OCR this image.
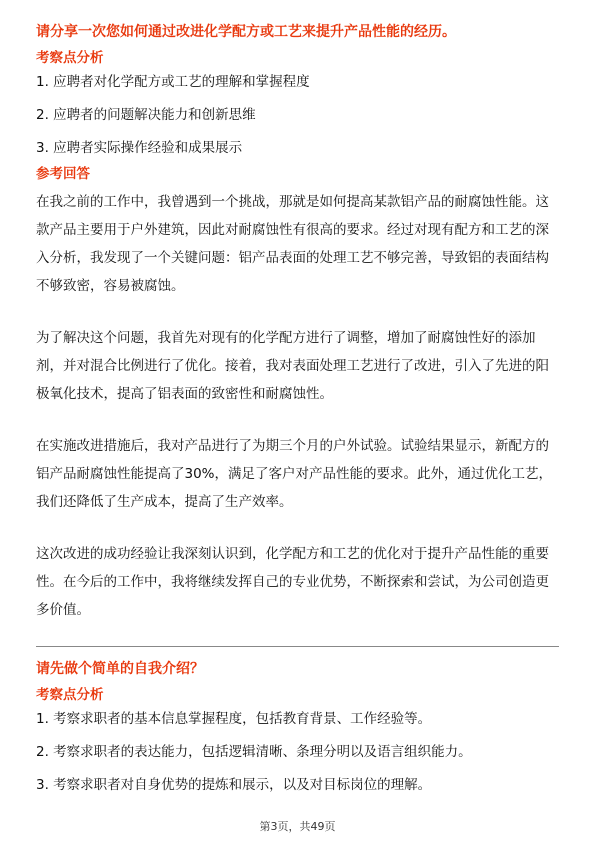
请分享一次您如何通过改进化学配方或工艺来提升产品性能的经历。
考察点分析
1. 应聘者对化学配方或工艺的理解和掌握程度
2. 应聘者的问题解决能力和创新思维
3. 应聘者实际操作经验和成果展示
参考回答

在我之前的工作中，我曾遇到一个挑战，那就是如何提高某款铝产品的耐腐蚀性能。这款产品主要用于户外建筑，因此对耐腐蚀性有很高的要求。经过对现有配方和工艺的深入分析，我发现了一个关键问题：铝产品表面的处理工艺不够完善，导致铝的表面结构不够致密，容易被腐蚀。

为了解决这个问题，我首先对现有的化学配方进行了调整，增加了耐腐蚀性好的添加剂，并对混合比例进行了优化。接着，我对表面处理工艺进行了改进，引入了先进的阳极氧化技术，提高了铝表面的致密性和耐腐蚀性。

在实施改进措施后，我对产品进行了为期三个月的户外试验。试验结果显示，新配方的铝产品耐腐蚀性能提高了30%，满足了客户对产品性能的要求。此外，通过优化工艺，我们还降低了生产成本，提高了生产效率。

这次改进的成功经验让我深刻认识到，化学配方和工艺的优化对于提升产品性能的重要性。在今后的工作中，我将继续发挥自己的专业优势，不断探索和尝试，为公司创造更多价值。

请先做个简单的自我介绍？
考察点分析
1. 考察求职者的基本信息掌握程度，包括教育背景、工作经验等。
2. 考察求职者的表达能力，包括逻辑清晰、条理分明以及语言组织能力。
3. 考察求职者对自身优势的提炼和展示，以及对目标岗位的理解。
第3页，共49页
